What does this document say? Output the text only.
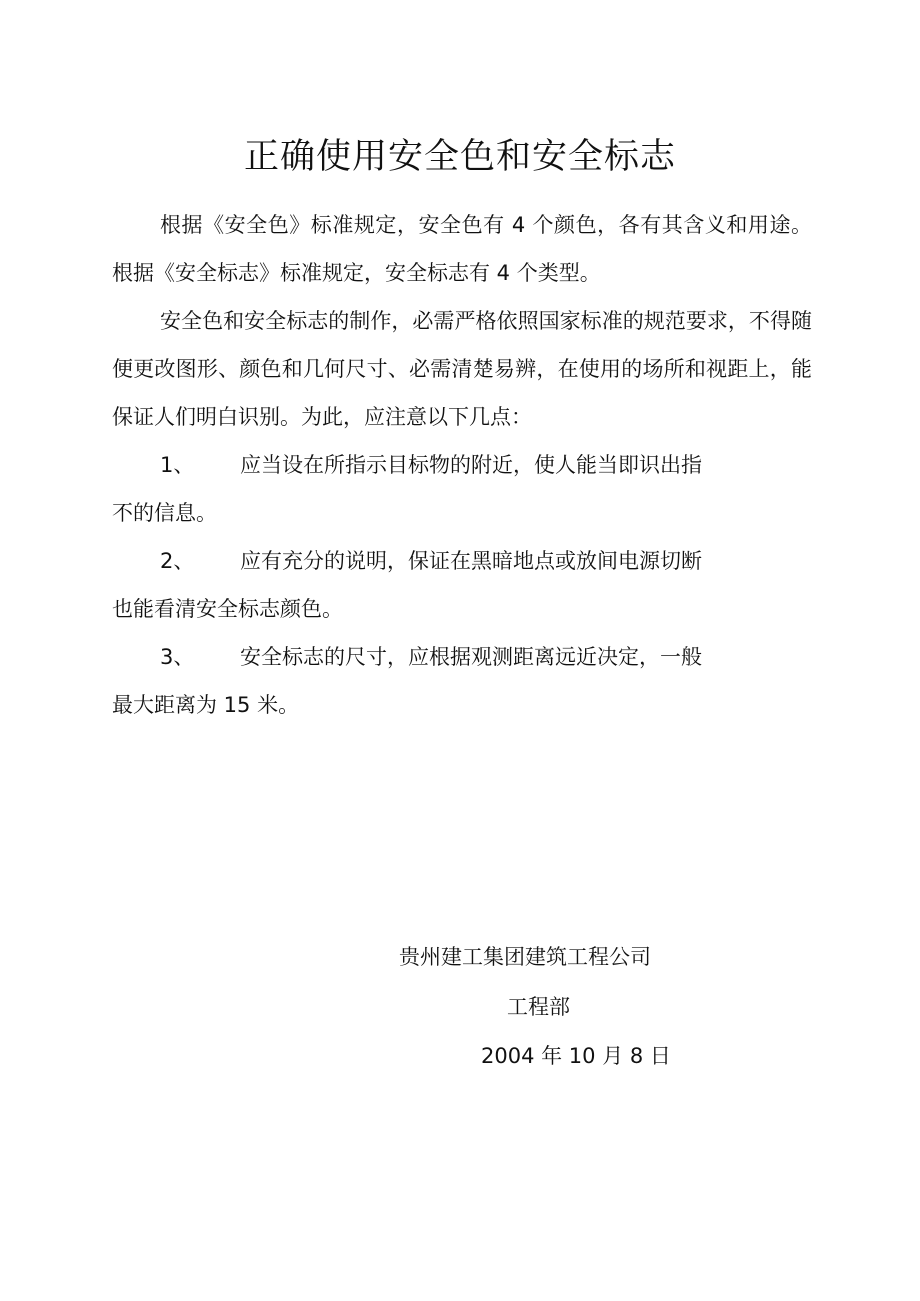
正确使用安全色和安全标志
根据《安全色》标准规定，安全色有 4 个颜色，各有其含义和用途。根据《安全标志》标准规定，安全标志有 4 个类型。
安全色和安全标志的制作，必需严格依照国家标准的规范要求，不得随便更改图形、颜色和几何尺寸、必需清楚易辨，在使用的场所和视距上，能保证人们明白识别。为此，应注意以下几点：
1、 应当设在所指示目标物的附近，使人能当即识出指
不的信息。
2、 应有充分的说明，保证在黑暗地点或放间电源切断
也能看清安全标志颜色。
3、 安全标志的尺寸，应根据观测距离远近决定，一般
最大距离为 15 米。
贵州建工集团建筑工程公司
工程部
2004 年 10 月 8 日
